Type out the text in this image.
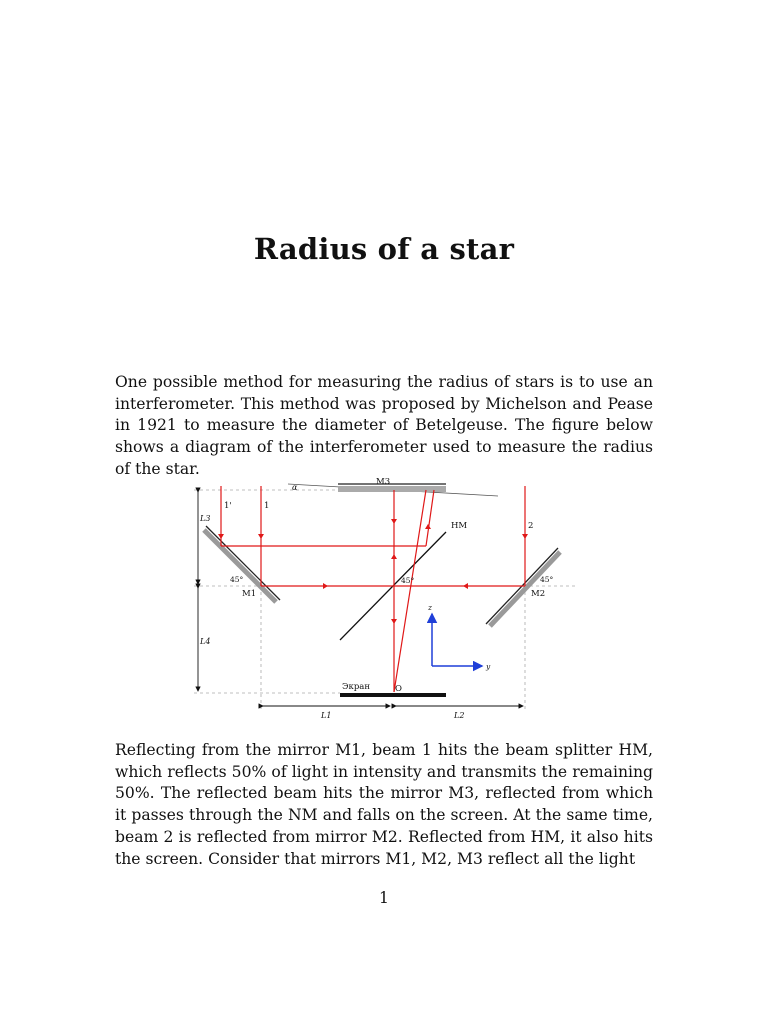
Radius of a star
One possible method for measuring the radius of stars is to use an interferometer. This method was proposed by Michelson and Pease in 1921 to measure the diameter of Betelgeuse. The figure below shows a diagram of the interferometer used to measure the radius of the star.
M3
α
1'	1
2
HM
L3
L4
45°
M1
45°	45°
M2
z
y
Экран	O
L1	L2
Reflecting from the mirror M1, beam 1 hits the beam splitter HM, which reflects 50% of light in intensity and transmits the remaining 50%. The reflected beam hits the mirror M3, reflected from which it passes through the NM and falls on the screen. At the same time, beam 2 is reflected from mirror M2. Reflected from HM, it also hits the screen. Consider that mirrors M1, M2, M3 reflect all the light
1
